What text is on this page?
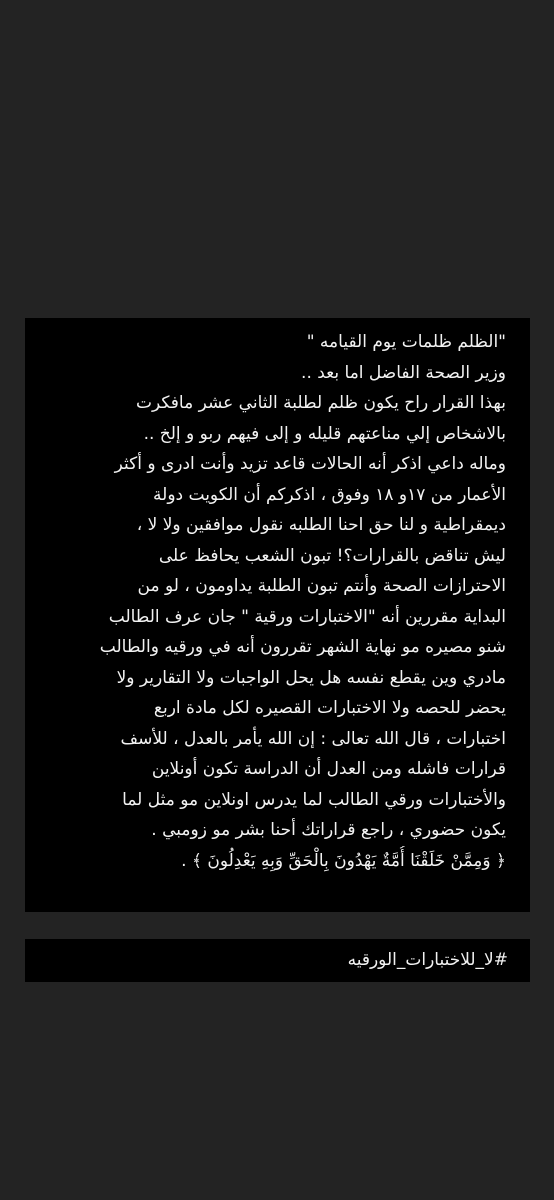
"الظلم ظلمات يوم القيامه "
وزير الصحة الفاضل اما بعد ..
بهذا القرار راح يكون ظلم لطلبة الثاني عشر مافكرت
بالاشخاص إلي مناعتهم قليله و إلى فيهم ربو و إلخ ..
وماله داعي اذكر أنه الحالات قاعد تزيد وأنت ادرى و أكثر
الأعمار من ١٧و ١٨ وفوق ، اذكركم أن الكويت دولة
ديمقراطية و لنا حق احنا الطلبه نقول موافقين ولا لا ،
ليش تناقض بالقرارات؟! تبون الشعب يحافظ على
الاحترازات الصحة وأنتم تبون الطلبة يداومون ، لو من
البداية مقررين أنه "الاختبارات ورقية " جان عرف الطالب
شنو مصيره مو نهاية الشهر تقررون أنه في ورقيه والطالب
مادري وين يقطع نفسه هل يحل الواجبات ولا التقارير ولا
يحضر للحصه ولا الاختبارات القصيره لكل مادة اربع
اختبارات ، قال الله تعالى : إن الله يأمر بالعدل ، للأسف
قرارات فاشله ومن العدل أن الدراسة تكون أونلاين
والأختبارات ورقي الطالب لما يدرس اونلاين مو مثل لما
يكون حضوري ، راجع قراراتك أحنا بشر مو زومبي .
﴿ وَمِمَّنْ خَلَقْنَا أُمَّةٌ يَهْدُونَ بِالْحَقِّ وَبِهِ يَعْدِلُونَ ﴾ .
#لا_للاختبارات_الورقيه
